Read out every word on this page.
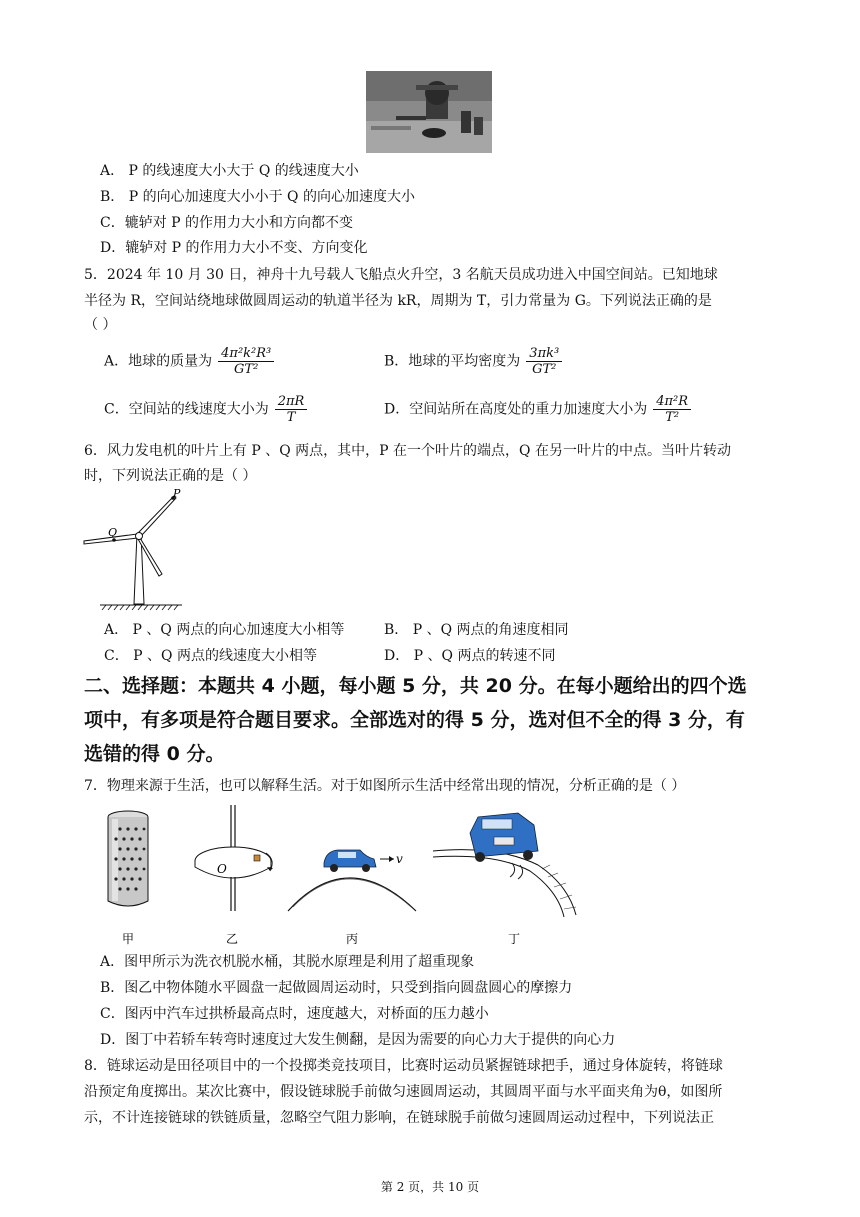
A． P 的线速度大小大于 Q 的线速度大小
B． P 的向心加速度大小小于 Q 的向心加速度大小
C．辘轳对 P 的作用力大小和方向都不变
D．辘轳对 P 的作用力大小不变、方向变化
5．2024 年 10 月 30 日，神舟十九号载人飞船点火升空，3 名航天员成功进入中国空间站。已知地球
半径为 R，空间站绕地球做圆周运动的轨道半径为 kR，周期为 T，引力常量为 G。下列说法正确的是
（ ）
A．地球的质量为 $\frac{\text{4π²k²R³}}{\text{GT²}}$	B．地球的平均密度为 $\frac{\text{3πk³}}{\text{GT²}}$
C．空间站的线速度大小为 $\frac{2\pi R}{T}$	D．空间站所在高度处的重力加速度大小为 $\frac{\text{4π²R}}{\text{T²}}$
6．风力发电机的叶片上有 P 、Q 两点，其中，P 在一个叶片的端点，Q 在另一叶片的中点。当叶片转动
时，下列说法正确的是（ ）
P
Q
A． P 、Q 两点的向心加速度大小相等	B． P 、Q 两点的角速度相同
C． P 、Q 两点的线速度大小相等	D． P 、Q 两点的转速不同
二、选择题：本题共 4 小题，每小题 5 分，共 20 分。在每小题给出的四个选
项中，有多项是符合题目要求。全部选对的得 5 分，选对但不全的得 3 分，有
选错的得 0 分。
7．物理来源于生活，也可以解释生活。对于如图所示生活中经常出现的情况，分析正确的是（ ）
O
v
甲	乙	丙	丁
A．图甲所示为洗衣机脱水桶，其脱水原理是利用了超重现象
B．图乙中物体随水平圆盘一起做圆周运动时，只受到指向圆盘圆心的摩擦力
C．图丙中汽车过拱桥最高点时，速度越大，对桥面的压力越小
D．图丁中若轿车转弯时速度过大发生侧翻，是因为需要的向心力大于提供的向心力
8．链球运动是田径项目中的一个投掷类竞技项目，比赛时运动员紧握链球把手，通过身体旋转，将链球
沿预定角度掷出。某次比赛中，假设链球脱手前做匀速圆周运动，其圆周平面与水平面夹角为θ，如图所
示，不计连接链球的铁链质量，忽略空气阻力影响，在链球脱手前做匀速圆周运动过程中，下列说法正
第 2 页，共 10 页
